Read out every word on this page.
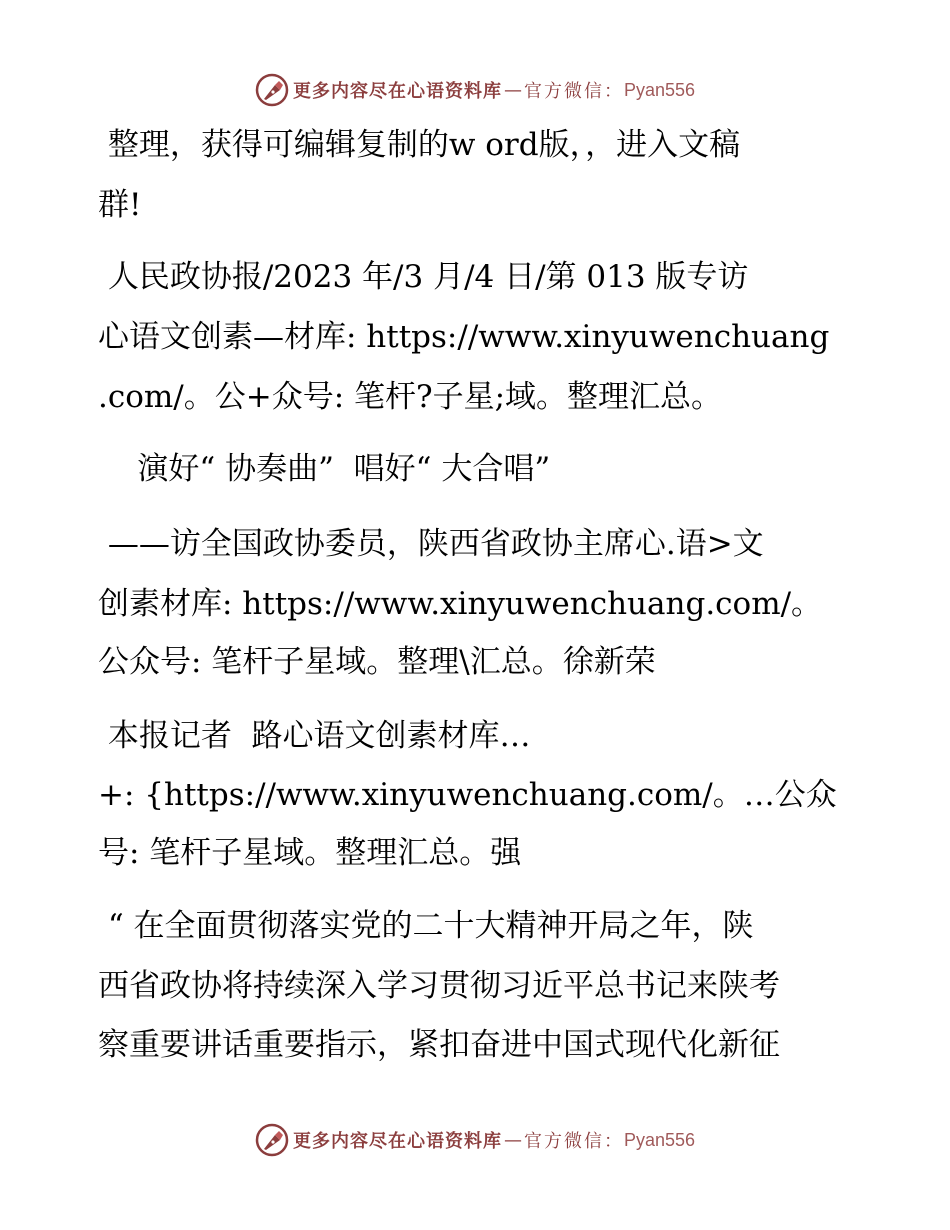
更多内容尽在心语资料库 — 官方微信： Pyan556
整理，获得可编辑复制的w ord版，，进入文稿
群!
人民政协报/2023 年/3 月/4 日/第 013 版专访
心语文创素—材库: https://www.xinyuwenchuang
.com/。公+众号: 笔杆?子星;域。整理汇总。
演好“ 协奏曲”  唱好“ 大合唱”
——访全国政协委员，陕西省政协主席心.语>文
创素材库: https://www.xinyuwenchuang.com/。
公众号: 笔杆子星域。整理\汇总。徐新荣
本报记者  路心语文创素材库…
+: {https://www.xinyuwenchuang.com/。…公众
号: 笔杆子星域。整理汇总。强
“ 在全面贯彻落实党的二十大精神开局之年，陕
西省政协将持续深入学习贯彻习近平总书记来陕考
察重要讲话重要指示，紧扣奋进中国式现代化新征
更多内容尽在心语资料库 — 官方微信： Pyan556
